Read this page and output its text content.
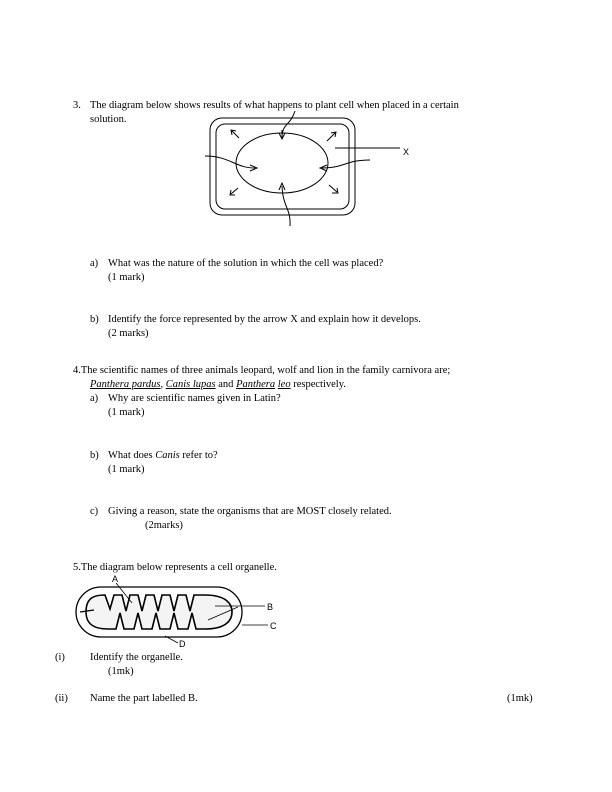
3. The diagram below shows results of what happens to plant cell when placed in a certain
solution.
X
a) What was the nature of the solution in which the cell was placed?
(1 mark)
b) Identify the force represented by the arrow X and explain how it develops.
(2 marks)
4.The scientific names of three animals leopard, wolf and lion in the family carnivora are;
Panthera pardus, Canis lupas and Panthera leo respectively.
a) Why are scientific names given in Latin?
(1 mark)
b) What does Canis refer to?
(1 mark)
c) Giving a reason, state the organisms that are MOST closely related.
(2marks)
5.The diagram below represents a cell organelle.
A
B
C
D
(i) Identify the organelle.
(1mk)
(ii) Name the part labelled B.	(1mk)
